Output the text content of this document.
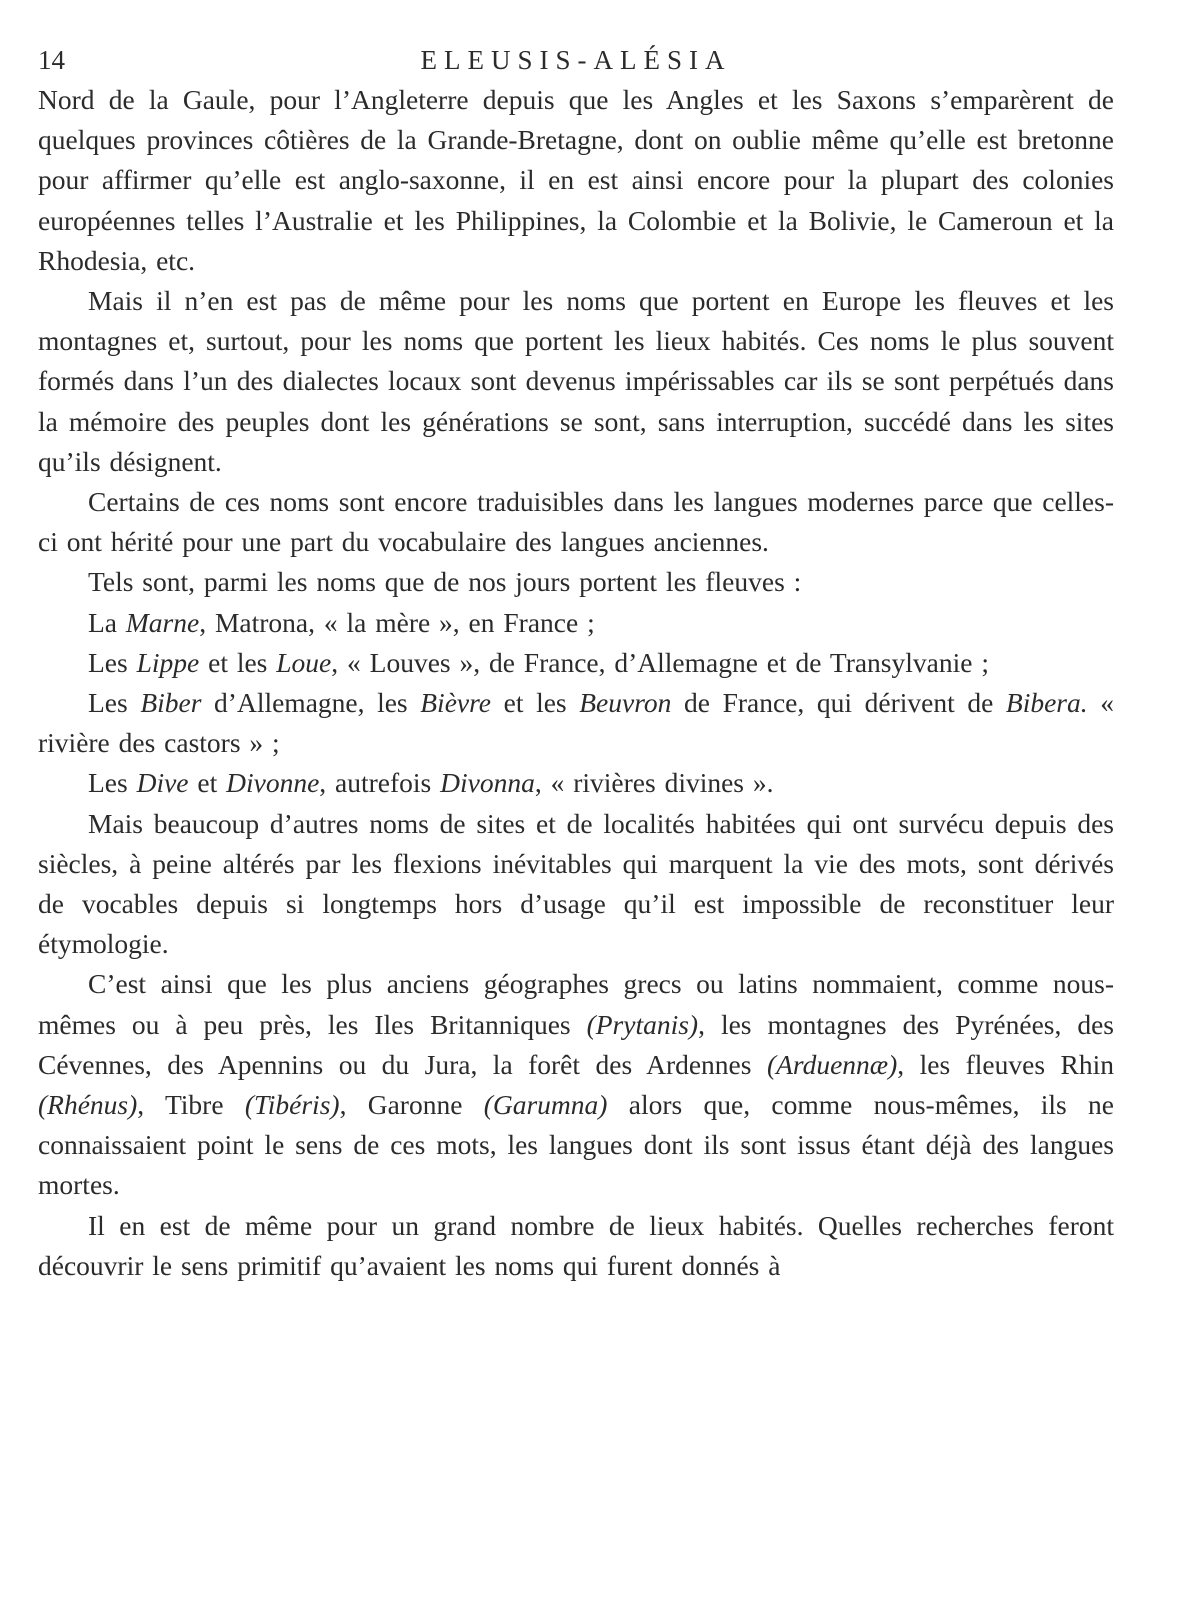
14	ELEUSIS-ALÉSIA

Nord de la Gaule, pour l’Angleterre depuis que les Angles et les Saxons s’emparèrent de quelques provinces côtières de la Grande-Bretagne, dont on oublie même qu’elle est bretonne pour affirmer qu’elle est anglo-saxonne, il en est ainsi encore pour la plupart des colonies européennes telles l’Australie et les Philippines, la Colombie et la Bolivie, le Cameroun et la Rhodesia, etc.

Mais il n’en est pas de même pour les noms que portent en Europe les fleuves et les montagnes et, surtout, pour les noms que portent les lieux habités. Ces noms le plus souvent formés dans l’un des dialectes locaux sont devenus impérissables car ils se sont perpétués dans la mémoire des peuples dont les générations se sont, sans interruption, succédé dans les sites qu’ils désignent.

Certains de ces noms sont encore traduisibles dans les langues modernes parce que celles-ci ont hérité pour une part du vocabulaire des langues anciennes.

Tels sont, parmi les noms que de nos jours portent les fleuves :

La Marne, Matrona, « la mère », en France ;

Les Lippe et les Loue, « Louves », de France, d’Allemagne et de Transylvanie ;

Les Biber d’Allemagne, les Bièvre et les Beuvron de France, qui dérivent de Bibera. « rivière des castors » ;

Les Dive et Divonne, autrefois Divonna, « rivières divines ».

Mais beaucoup d’autres noms de sites et de localités habitées qui ont survécu depuis des siècles, à peine altérés par les flexions inévitables qui marquent la vie des mots, sont dérivés de vocables depuis si longtemps hors d’usage qu’il est impossible de reconstituer leur étymologie.

C’est ainsi que les plus anciens géographes grecs ou latins nommaient, comme nous-mêmes ou à peu près, les Iles Britanniques (Prytanis), les montagnes des Pyrénées, des Cévennes, des Apennins ou du Jura, la forêt des Ardennes (Arduennæ), les fleuves Rhin (Rhénus), Tibre (Tibéris), Garonne (Garumna) alors que, comme nous-mêmes, ils ne connaissaient point le sens de ces mots, les langues dont ils sont issus étant déjà des langues mortes.

Il en est de même pour un grand nombre de lieux habités. Quelles recherches feront découvrir le sens primitif qu’avaient les noms qui furent donnés à
